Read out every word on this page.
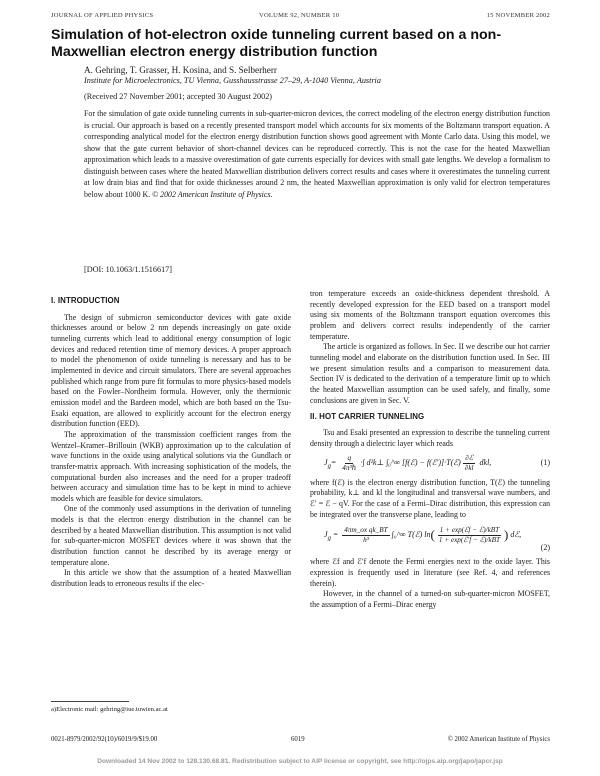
JOURNAL OF APPLIED PHYSICS	VOLUME 92, NUMBER 10	15 NOVEMBER 2002
Simulation of hot-electron oxide tunneling current based on a non-Maxwellian electron energy distribution function
A. Gehring, T. Grasser, H. Kosina, and S. Selberherr
Institute for Microelectronics, TU Vienna, Gusshausstrasse 27–29, A-1040 Vienna, Austria
(Received 27 November 2001; accepted 30 August 2002)
For the simulation of gate oxide tunneling currents in sub-quarter-micron devices, the correct modeling of the electron energy distribution function is crucial. Our approach is based on a recently presented transport model which accounts for six moments of the Boltzmann transport equation. A corresponding analytical model for the electron energy distribution function shows good agreement with Monte Carlo data. Using this model, we show that the gate current behavior of short-channel devices can be reproduced correctly. This is not the case for the heated Maxwellian approximation which leads to a massive overestimation of gate currents especially for devices with small gate lengths. We develop a formalism to distinguish between cases where the heated Maxwellian distribution delivers correct results and cases where it overestimates the tunneling current at low drain bias and find that for oxide thicknesses around 2 nm, the heated Maxwellian approximation is only valid for electron temperatures below about 1000 K. © 2002 American Institute of Physics.
[DOI: 10.1063/1.1516617]
I. INTRODUCTION

The design of submicron semiconductor devices with gate oxide thicknesses around or below 2 nm depends increasingly on gate oxide tunneling currents which lead to additional energy consumption of logic devices and reduced retention time of memory devices. A proper approach to model the phenomenon of oxide tunneling is necessary and has to be implemented in device and circuit simulators. There are several approaches published which range from pure fit formulas to more physics-based models based on the Fowler–Nordheim formula. However, only the thermionic emission model and the Bardeen model, which are both based on the Tsu-Esaki equation, are allowed to explicitly account for the electron energy distribution function (EED).

The approximation of the transmission coefficient ranges from the Wentzel–Kramer–Brillouin (WKB) approximation up to the calculation of wave functions in the oxide using analytical solutions via the Gundlach or transfer-matrix approach. With increasing sophistication of the models, the computational burden also increases and the need for a proper tradeoff between accuracy and simulation time has to be kept in mind to achieve models which are feasible for device simulators.

One of the commonly used assumptions in the derivation of tunneling models is that the electron energy distribution in the channel can be described by a heated Maxwellian distribution. This assumption is not valid for sub-quarter-micron MOSFET devices where it was shown that the distribution function cannot be described by its average energy or temperature alone.

In this article we show that the assumption of a heated Maxwellian distribution leads to erroneous results if the elec-

tron temperature exceeds an oxide-thickness dependent threshold. A recently developed expression for the EED based on a transport model using six moments of the Boltzmann transport equation overcomes this problem and delivers correct results independently of the carrier temperature.

The article is organized as follows. In Sec. II we describe our hot carrier tunneling model and elaborate on the distribution function used. In Sec. III we present simulation results and a comparison to measurement data. Section IV is dedicated to the derivation of a temperature limit up to which the heated Maxwellian assumption can be used safely, and finally, some conclusions are given in Sec. V.

II. HOT CARRIER TUNNELING

Tsu and Esaki presented an expression to describe the tunneling current density through a dielectric layer which reads

$J_g= \frac{q}{\text{4π³ℏ}}$ ·∫ d²k⊥ ∫₀^∞ [f(ℰ) − f(ℰ′)]·T(ℰ) $\frac{\text{∂ℰ}}{\partial kl}$ dkl,	(1)

where f(ℰ) is the electron energy distribution function, T(ℰ) the tunneling probability, k⊥ and kl the longitudinal and transversal wave numbers, and ℰ′ = ℰ − qV. For the case of a Fermi–Dirac distribution, this expression can be integrated over the transverse plane, leading to

$J_g = \frac{\text{4πm\_ox qk\_BT}}{\text{h³}}$ ∫₀^∞ T(ℰ) $\ln( \frac{\text{1 + exp(ℰf − ℰ)/kBT}}{\text{1 + exp(ℰ′f − ℰ)/kBT}}$ ) dℰ,
(2)

where ℰf and ℰ′f denote the Fermi energies next to the oxide layer. This expression is frequently used in literature (see Ref. 4, and references therein).

However, in the channel of a turned-on sub-quarter-micron MOSFET, the assumption of a Fermi–Dirac energy

a)Electronic mail: gehring@iue.tuwien.ac.at
0021-8979/2002/92(10)/6019/9/$19.00	6019	© 2002 American Institute of Physics
Downloaded 14 Nov 2002 to 128.130.68.81. Redistribution subject to AIP license or copyright, see http://ojps.aip.org/japo/japcr.jsp
